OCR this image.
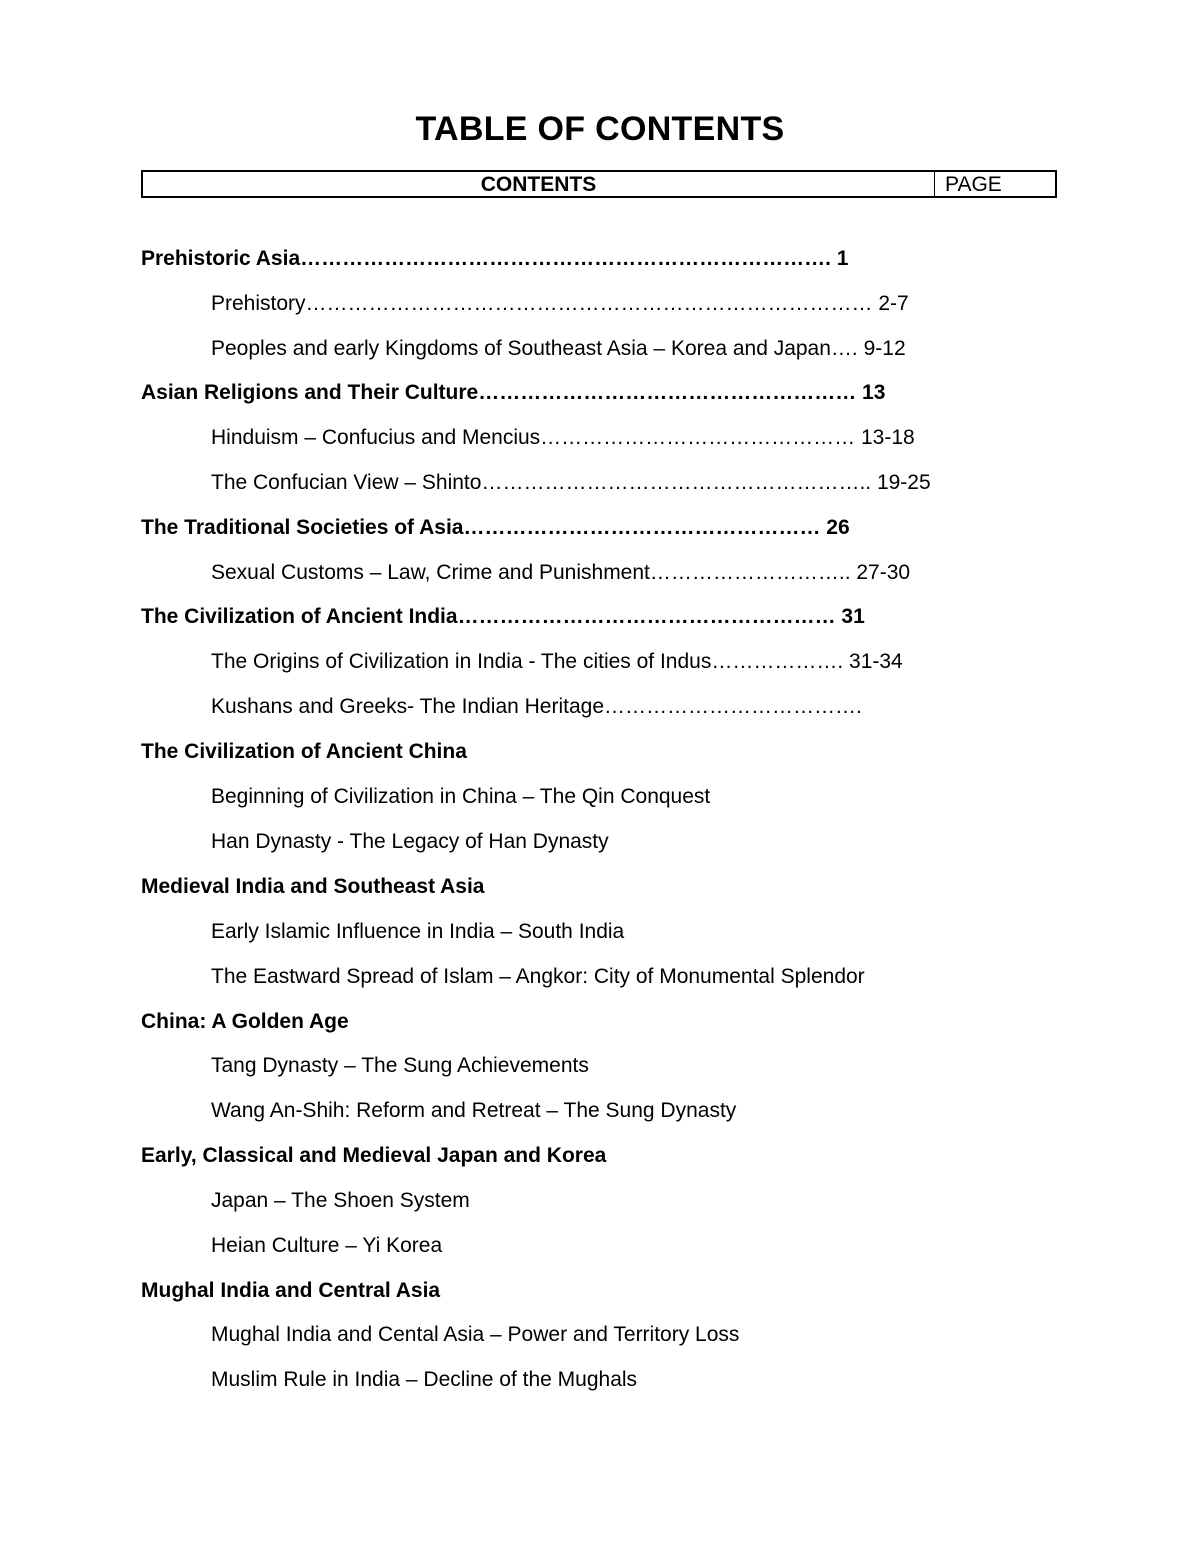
TABLE OF CONTENTS
CONTENTS	PAGE
Prehistoric Asia…………………………………………………………………. 1
Prehistory……………………………………………………………………… 2-7
Peoples and early Kingdoms of Southeast Asia – Korea and Japan…. 9-12
Asian Religions and Their Culture……………………………………………… 13
Hinduism – Confucius and Mencius……………………………………… 13-18
The Confucian View – Shinto……………………………………………….. 19-25
The Traditional Societies of Asia…………………………………………… 26
Sexual Customs – Law, Crime and Punishment……………………….. 27-30
The Civilization of Ancient India……………………………………………… 31
The Origins of Civilization in India - The cities of Indus………………. 31-34
Kushans and Greeks- The Indian Heritage……………………………….
The Civilization of Ancient China
Beginning of Civilization in China – The Qin Conquest
Han Dynasty - The Legacy of Han Dynasty
Medieval India and Southeast Asia
Early Islamic Influence in India – South India
The Eastward Spread of Islam – Angkor: City of Monumental Splendor
China: A Golden Age
Tang Dynasty – The Sung Achievements
Wang An-Shih: Reform and Retreat – The Sung Dynasty
Early, Classical and Medieval Japan and Korea
Japan – The Shoen System
Heian Culture – Yi Korea
Mughal India and Central Asia
Mughal India and Cental Asia – Power and Territory Loss
Muslim Rule in India – Decline of the Mughals
